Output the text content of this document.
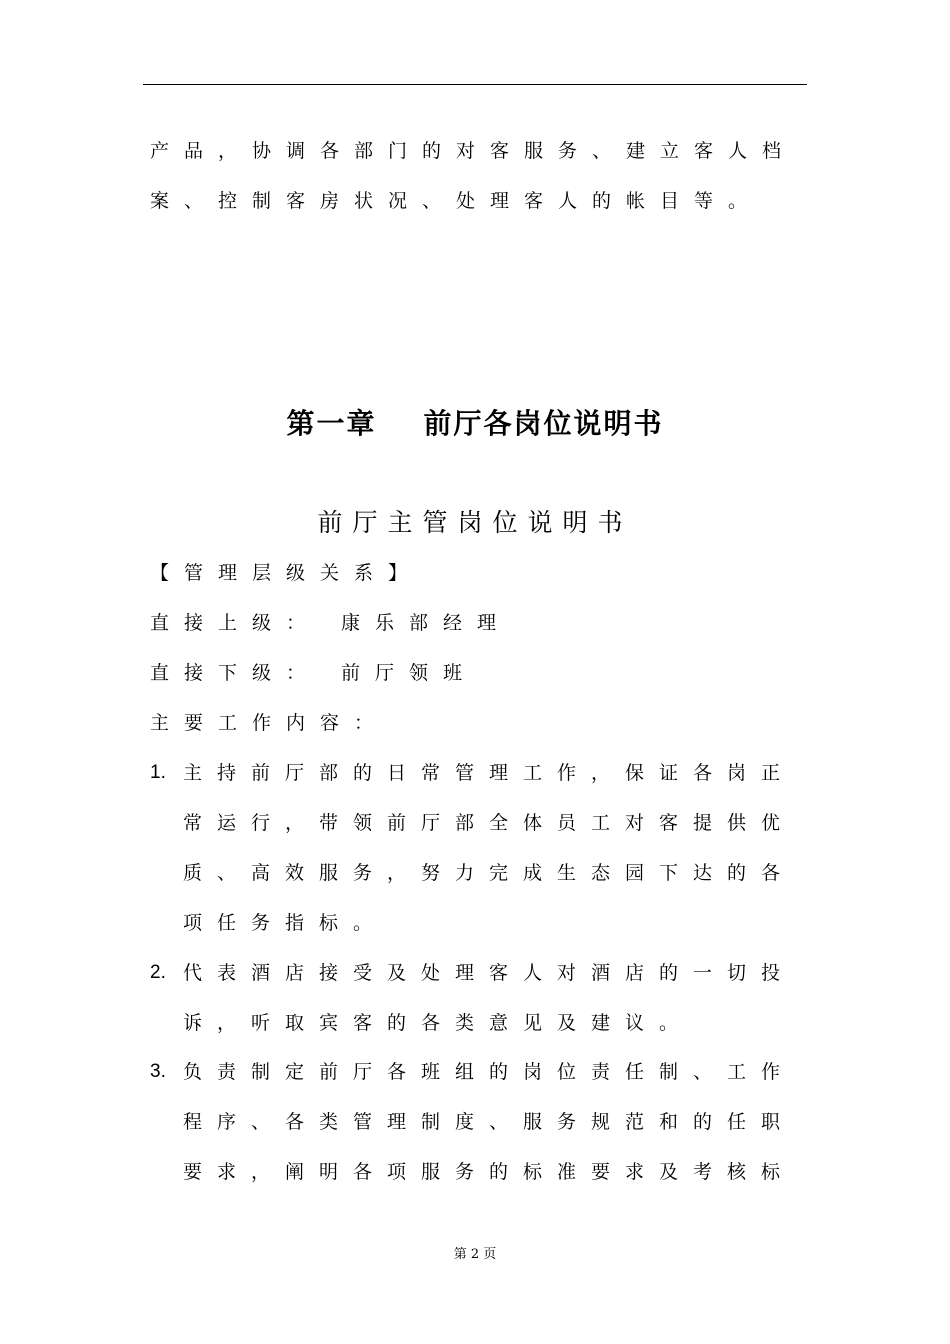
产品，协调各部门的对客服务、建立客人档
案、控制客房状况、处理客人的帐目等。
第一章    前厅各岗位说明书
前厅主管岗位说明书
【管理层级关系】
直接上级： 康乐部经理
直接下级： 前厅领班
主要工作内容：
1. 主持前厅部的日常管理工作，保证各岗正
常运行，带领前厅部全体员工对客提供优
质、高效服务，努力完成生态园下达的各
项任务指标。
2. 代表酒店接受及处理客人对酒店的一切投
诉，听取宾客的各类意见及建议。
3. 负责制定前厅各班组的岗位责任制、工作
程序、各类管理制度、服务规范和的任职
要求，阐明各项服务的标准要求及考核标
第 2 页
